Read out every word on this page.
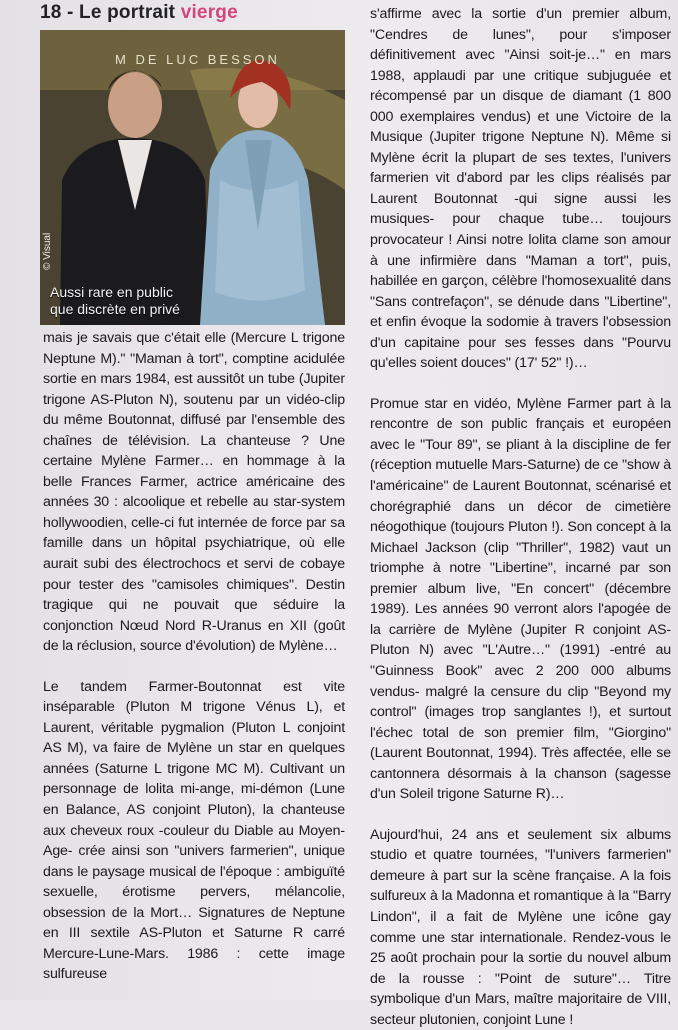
18 - Le portrait vierge
M DE LUC BESSON
© Visual
Aussi rare en public
que discrète en privé

mais je savais que c'était elle (Mercure L trigone Neptune M)." "Maman à tort", comptine acidulée sortie en mars 1984, est aussitôt un tube (Jupiter trigone AS-Pluton N), soutenu par un vidéo-clip du même Boutonnat, diffusé par l'ensemble des chaînes de télévision. La chanteuse ? Une certaine Mylène Farmer… en hommage à la belle Frances Farmer, actrice américaine des années 30 : alcoolique et rebelle au star-system hollywoodien, celle-ci fut internée de force par sa famille dans un hôpital psychiatrique, où elle aurait subi des électrochocs et servi de cobaye pour tester des "camisoles chimiques". Destin tragique qui ne pouvait que séduire la conjonction Nœud Nord R-Uranus en XII (goût de la réclusion, source d'évolution) de Mylène…

Le tandem Farmer-Boutonnat est vite inséparable (Pluton M trigone Vénus L), et Laurent, véritable pygmalion (Pluton L conjoint AS M), va faire de Mylène un star en quelques années (Saturne L trigone MC M). Cultivant un personnage de lolita mi-ange, mi-démon (Lune en Balance, AS conjoint Pluton), la chanteuse aux cheveux roux -couleur du Diable au Moyen-Age- crée ainsi son "univers farmerien", unique dans le paysage musical de l'époque : ambiguïté sexuelle, érotisme pervers, mélancolie, obsession de la Mort… Signatures de Neptune en III sextile AS-Pluton et Saturne R carré Mercure-Lune-Mars. 1986 : cette image sulfureuse

s'affirme avec la sortie d'un premier album, "Cendres de lunes", pour s'imposer définitivement avec "Ainsi soit-je…" en mars 1988, applaudi par une critique subjuguée et récompensé par un disque de diamant (1 800 000 exemplaires vendus) et une Victoire de la Musique (Jupiter trigone Neptune N). Même si Mylène écrit la plupart de ses textes, l'univers farmerien vit d'abord par les clips réalisés par Laurent Boutonnat -qui signe aussi les musiques- pour chaque tube… toujours provocateur ! Ainsi notre lolita clame son amour à une infirmière dans "Maman a tort", puis, habillée en garçon, célèbre l'homosexualité dans "Sans contrefaçon", se dénude dans "Libertine", et enfin évoque la sodomie à travers l'obsession d'un capitaine pour ses fesses dans "Pourvu qu'elles soient douces" (17' 52" !)…

Promue star en vidéo, Mylène Farmer part à la rencontre de son public français et européen avec le "Tour 89", se pliant à la discipline de fer (réception mutuelle Mars-Saturne) de ce "show à l'américaine" de Laurent Boutonnat, scénarisé et chorégraphié dans un décor de cimetière néogothique (toujours Pluton !). Son concept à la Michael Jackson (clip "Thriller", 1982) vaut un triomphe à notre "Libertine", incarné par son premier album live, "En concert" (décembre 1989). Les années 90 verront alors l'apogée de la carrière de Mylène (Jupiter R conjoint AS-Pluton N) avec "L'Autre…" (1991) -entré au "Guinness Book" avec 2 200 000 albums vendus- malgré la censure du clip "Beyond my control" (images trop sanglantes !), et surtout l'échec total de son premier film, "Giorgino" (Laurent Boutonnat, 1994). Très affectée, elle se cantonnera désormais à la chanson (sagesse d'un Soleil trigone Saturne R)…

Aujourd'hui, 24 ans et seulement six albums studio et quatre tournées, "l'univers farmerien" demeure à part sur la scène française. A la fois sulfureux à la Madonna et romantique à la "Barry Lindon", il a fait de Mylène une icône gay comme une star internationale. Rendez-vous le 25 août prochain pour la sortie du nouvel album de la rousse : "Point de suture"… Titre symbolique d'un Mars, maître majoritaire de VIII, secteur plutonien, conjoint Lune !
